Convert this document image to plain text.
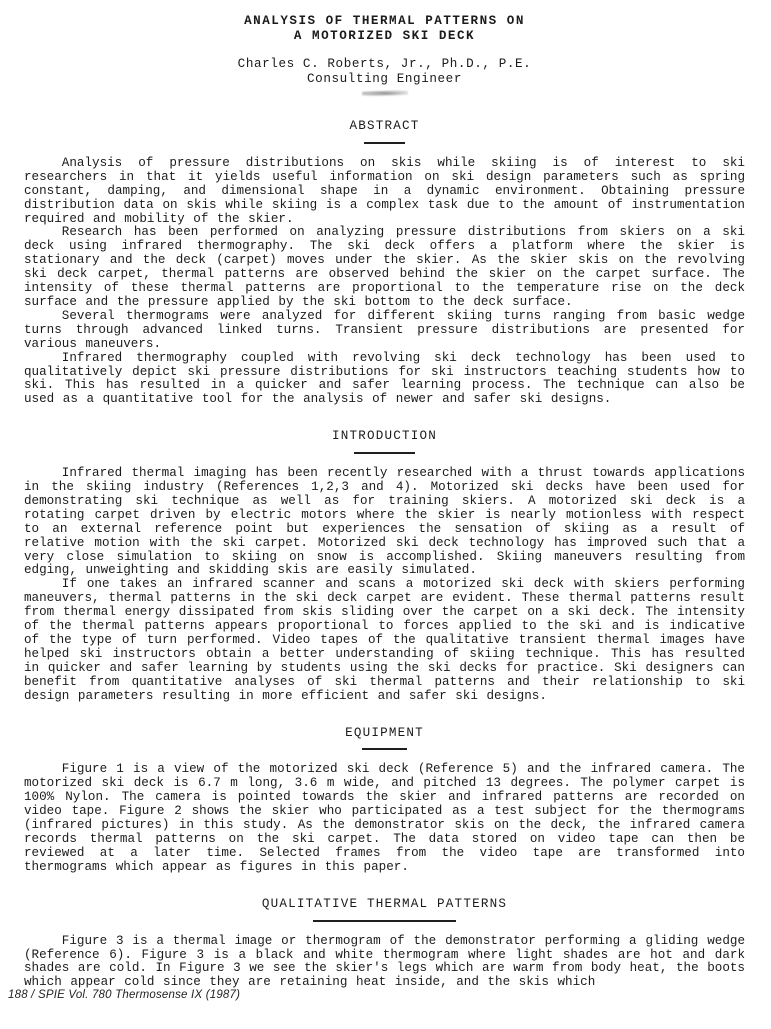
ANALYSIS OF THERMAL PATTERNS ON
A MOTORIZED SKI DECK
Charles C. Roberts, Jr., Ph.D., P.E.
Consulting Engineer
ABSTRACT

Analysis of pressure distributions on skis while skiing is of interest to ski researchers in that it yields useful information on ski design parameters such as spring constant, damping, and dimensional shape in a dynamic environment. Obtaining pressure distribution data on skis while skiing is a complex task due to the amount of instrumentation required and mobility of the skier.

Research has been performed on analyzing pressure distributions from skiers on a ski deck using infrared thermography. The ski deck offers a platform where the skier is stationary and the deck (carpet) moves under the skier. As the skier skis on the revolving ski deck carpet, thermal patterns are observed behind the skier on the carpet surface. The intensity of these thermal patterns are proportional to the temperature rise on the deck surface and the pressure applied by the ski bottom to the deck surface.

Several thermograms were analyzed for different skiing turns ranging from basic wedge turns through advanced linked turns. Transient pressure distributions are presented for various maneuvers.

Infrared thermography coupled with revolving ski deck technology has been used to qualitatively depict ski pressure distributions for ski instructors teaching students how to ski. This has resulted in a quicker and safer learning process. The technique can also be used as a quantitative tool for the analysis of newer and safer ski designs.

INTRODUCTION

Infrared thermal imaging has been recently researched with a thrust towards applications in the skiing industry (References 1,2,3 and 4). Motorized ski decks have been used for demonstrating ski technique as well as for training skiers. A motorized ski deck is a rotating carpet driven by electric motors where the skier is nearly motionless with respect to an external reference point but experiences the sensation of skiing as a result of relative motion with the ski carpet. Motorized ski deck technology has improved such that a very close simulation to skiing on snow is accomplished. Skiing maneuvers resulting from edging, unweighting and skidding skis are easily simulated.

If one takes an infrared scanner and scans a motorized ski deck with skiers performing maneuvers, thermal patterns in the ski deck carpet are evident. These thermal patterns result from thermal energy dissipated from skis sliding over the carpet on a ski deck. The intensity of the thermal patterns appears proportional to forces applied to the ski and is indicative of the type of turn performed. Video tapes of the qualitative transient thermal images have helped ski instructors obtain a better understanding of skiing technique. This has resulted in quicker and safer learning by students using the ski decks for practice. Ski designers can benefit from quantitative analyses of ski thermal patterns and their relationship to ski design parameters resulting in more efficient and safer ski designs.

EQUIPMENT

Figure 1 is a view of the motorized ski deck (Reference 5) and the infrared camera. The motorized ski deck is 6.7 m long, 3.6 m wide, and pitched 13 degrees. The polymer carpet is 100% Nylon. The camera is pointed towards the skier and infrared patterns are recorded on video tape. Figure 2 shows the skier who participated as a test subject for the thermograms (infrared pictures) in this study. As the demonstrator skis on the deck, the infrared camera records thermal patterns on the ski carpet. The data stored on video tape can then be reviewed at a later time. Selected frames from the video tape are transformed into thermograms which appear as figures in this paper.

QUALITATIVE THERMAL PATTERNS

Figure 3 is a thermal image or thermogram of the demonstrator performing a gliding wedge (Reference 6). Figure 3 is a black and white thermogram where light shades are hot and dark shades are cold. In Figure 3 we see the skier's legs which are warm from body heat, the boots which appear cold since they are retaining heat inside, and the skis which

188 / SPIE Vol. 780 Thermosense IX (1987)
